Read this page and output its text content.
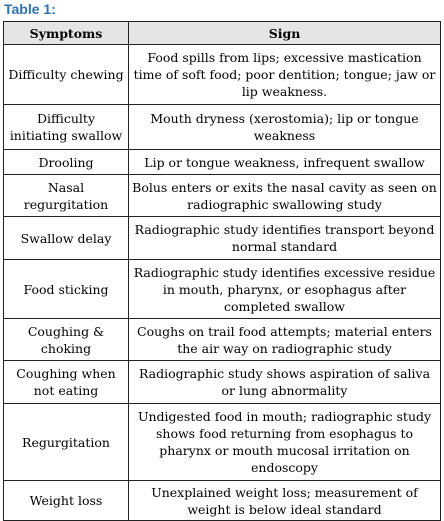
Table 1:
Symptoms	Sign
Difficulty chewing	Food spills from lips; excessive mastication time of soft food; poor dentition; tongue; jaw or lip weakness.
Difficulty initiating swallow	Mouth dryness (xerostomia); lip or tongue weakness
Drooling	Lip or tongue weakness, infrequent swallow
Nasal regurgitation	Bolus enters or exits the nasal cavity as seen on radiographic swallowing study
Swallow delay	Radiographic study identifies transport beyond normal standard
Food sticking	Radiographic study identifies excessive residue in mouth, pharynx, or esophagus after completed swallow
Coughing & choking	Coughs on trail food attempts; material enters the air way on radiographic study
Coughing when not eating	Radiographic study shows aspiration of saliva or lung abnormality
Regurgitation	Undigested food in mouth; radiographic study shows food returning from esophagus to pharynx or mouth mucosal irritation on endoscopy
Weight loss	Unexplained weight loss; measurement of weight is below ideal standard
